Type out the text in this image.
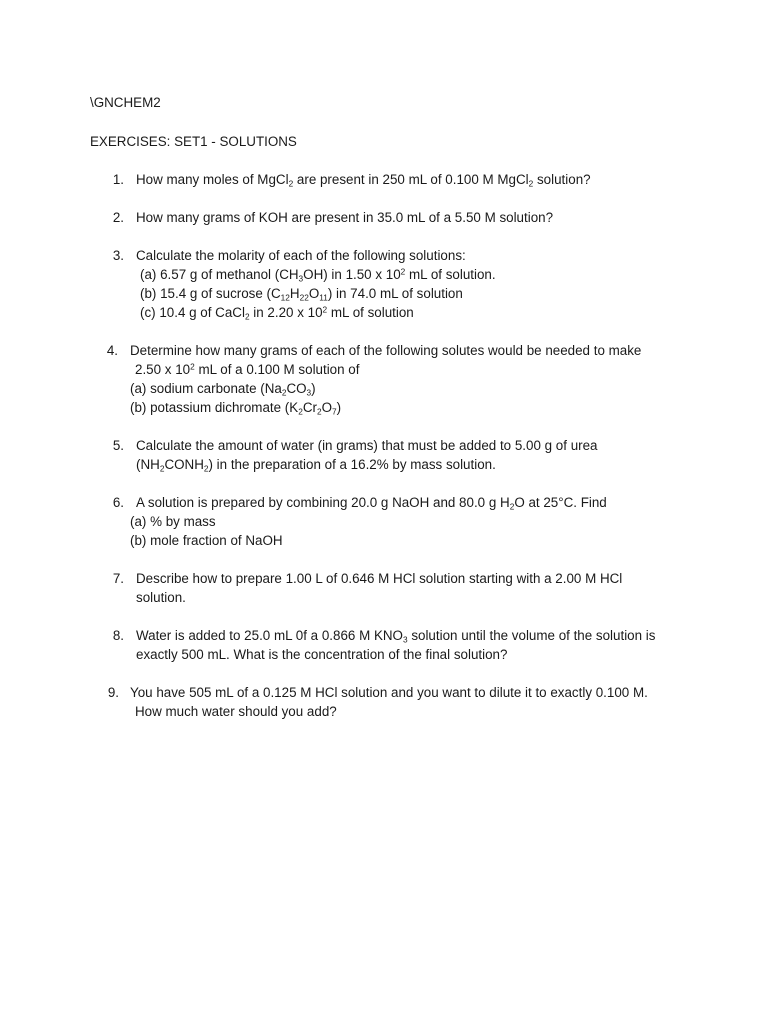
\GNCHEM2
EXERCISES: SET1 - SOLUTIONS
1. How many moles of MgCl$_2$ are present in 250 mL of 0.100 M MgCl$_2$ solution?
2. How many grams of KOH are present in 35.0 mL of a 5.50 M solution?
3. Calculate the molarity of each of the following solutions:
(a) 6.57 g of methanol $(CH_3OH)$ in 1.50 x $10^2$ mL of solution.
(b) 15.4 g of sucrose $(C_{12}H_{22}O_{11})$ in 74.0 mL of solution
(c) 10.4 g of CaCl$_2$ in 2.20 x $10^2$ mL of solution
4. Determine how many grams of each of the following solutes would be needed to make
2.50 x $10^2$ mL of a 0.100 M solution of
(a) sodium carbonate $(Na_2CO_3)$
(b) potassium dichromate $(K_2Cr_2O_7)$
5. Calculate the amount of water (in grams) that must be added to 5.00 g of urea
$(NH_2CONH_2)$ in the preparation of a 16.2% by mass solution.
6. A solution is prepared by combining 20.0 g NaOH and 80.0 g $H_2O$ at 25°C. Find
(a) % by mass
(b) mole fraction of NaOH
7. Describe how to prepare 1.00 L of 0.646 M HCl solution starting with a 2.00 M HCl
solution.
8. Water is added to 25.0 mL 0f a 0.866 M $KNO_3$ solution until the volume of the solution is
exactly 500 mL. What is the concentration of the final solution?
9. You have 505 mL of a 0.125 M HCl solution and you want to dilute it to exactly 0.100 M.
How much water should you add?
